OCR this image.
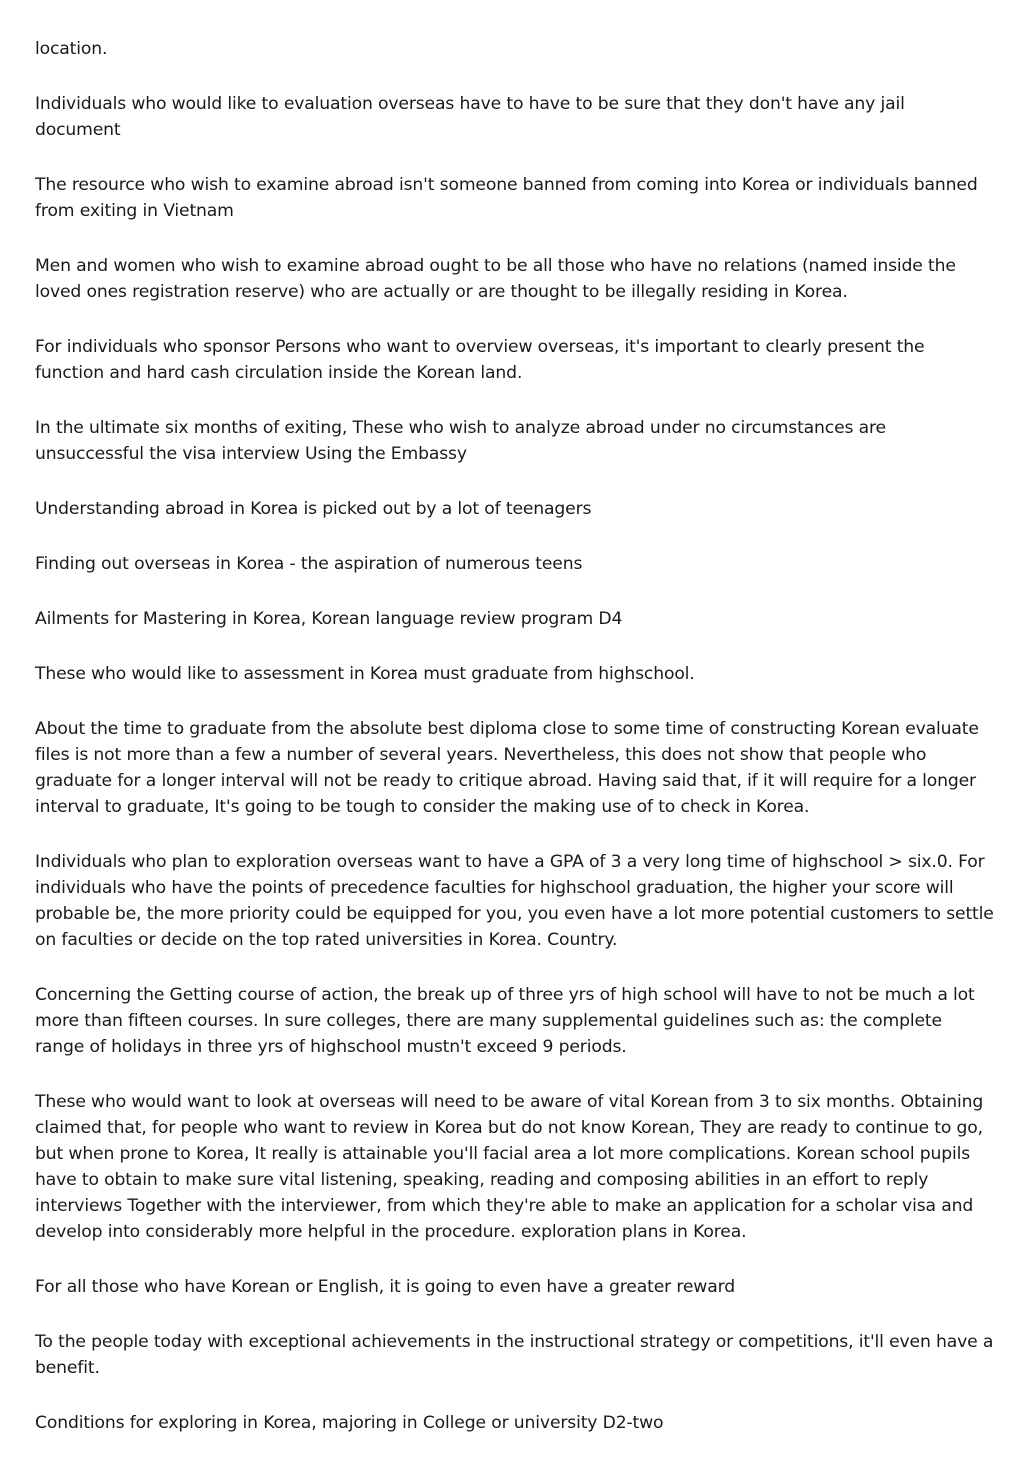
location.

Individuals who would like to evaluation overseas have to have to be sure that they don't have any jail document

The resource who wish to examine abroad isn't someone banned from coming into Korea or individuals banned from exiting in Vietnam

Men and women who wish to examine abroad ought to be all those who have no relations (named inside the loved ones registration reserve) who are actually or are thought to be illegally residing in Korea.

For individuals who sponsor Persons who want to overview overseas, it's important to clearly present the function and hard cash circulation inside the Korean land.

In the ultimate six months of exiting, These who wish to analyze abroad under no circumstances are unsuccessful the visa interview Using the Embassy

Understanding abroad in Korea is picked out by a lot of teenagers

Finding out overseas in Korea - the aspiration of numerous teens

Ailments for Mastering in Korea, Korean language review program D4

These who would like to assessment in Korea must graduate from highschool.

About the time to graduate from the absolute best diploma close to some time of constructing Korean evaluate files is not more than a few a number of several years. Nevertheless, this does not show that people who graduate for a longer interval will not be ready to critique abroad. Having said that, if it will require for a longer interval to graduate, It's going to be tough to consider the making use of to check in Korea.

Individuals who plan to exploration overseas want to have a GPA of 3 a very long time of highschool > six.0. For individuals who have the points of precedence faculties for highschool graduation, the higher your score will probable be, the more priority could be equipped for you, you even have a lot more potential customers to settle on faculties or decide on the top rated universities in Korea. Country.

Concerning the Getting course of action, the break up of three yrs of high school will have to not be much a lot more than fifteen courses. In sure colleges, there are many supplemental guidelines such as: the complete range of holidays in three yrs of highschool mustn't exceed 9 periods.

These who would want to look at overseas will need to be aware of vital Korean from 3 to six months. Obtaining claimed that, for people who want to review in Korea but do not know Korean, They are ready to continue to go, but when prone to Korea, It really is attainable you'll facial area a lot more complications. Korean school pupils have to obtain to make sure vital listening, speaking, reading and composing abilities in an effort to reply interviews Together with the interviewer, from which they're able to make an application for a scholar visa and develop into considerably more helpful in the procedure. exploration plans in Korea.

For all those who have Korean or English, it is going to even have a greater reward

To the people today with exceptional achievements in the instructional strategy or competitions, it'll even have a benefit.

Conditions for exploring in Korea, majoring in College or university D2-two
